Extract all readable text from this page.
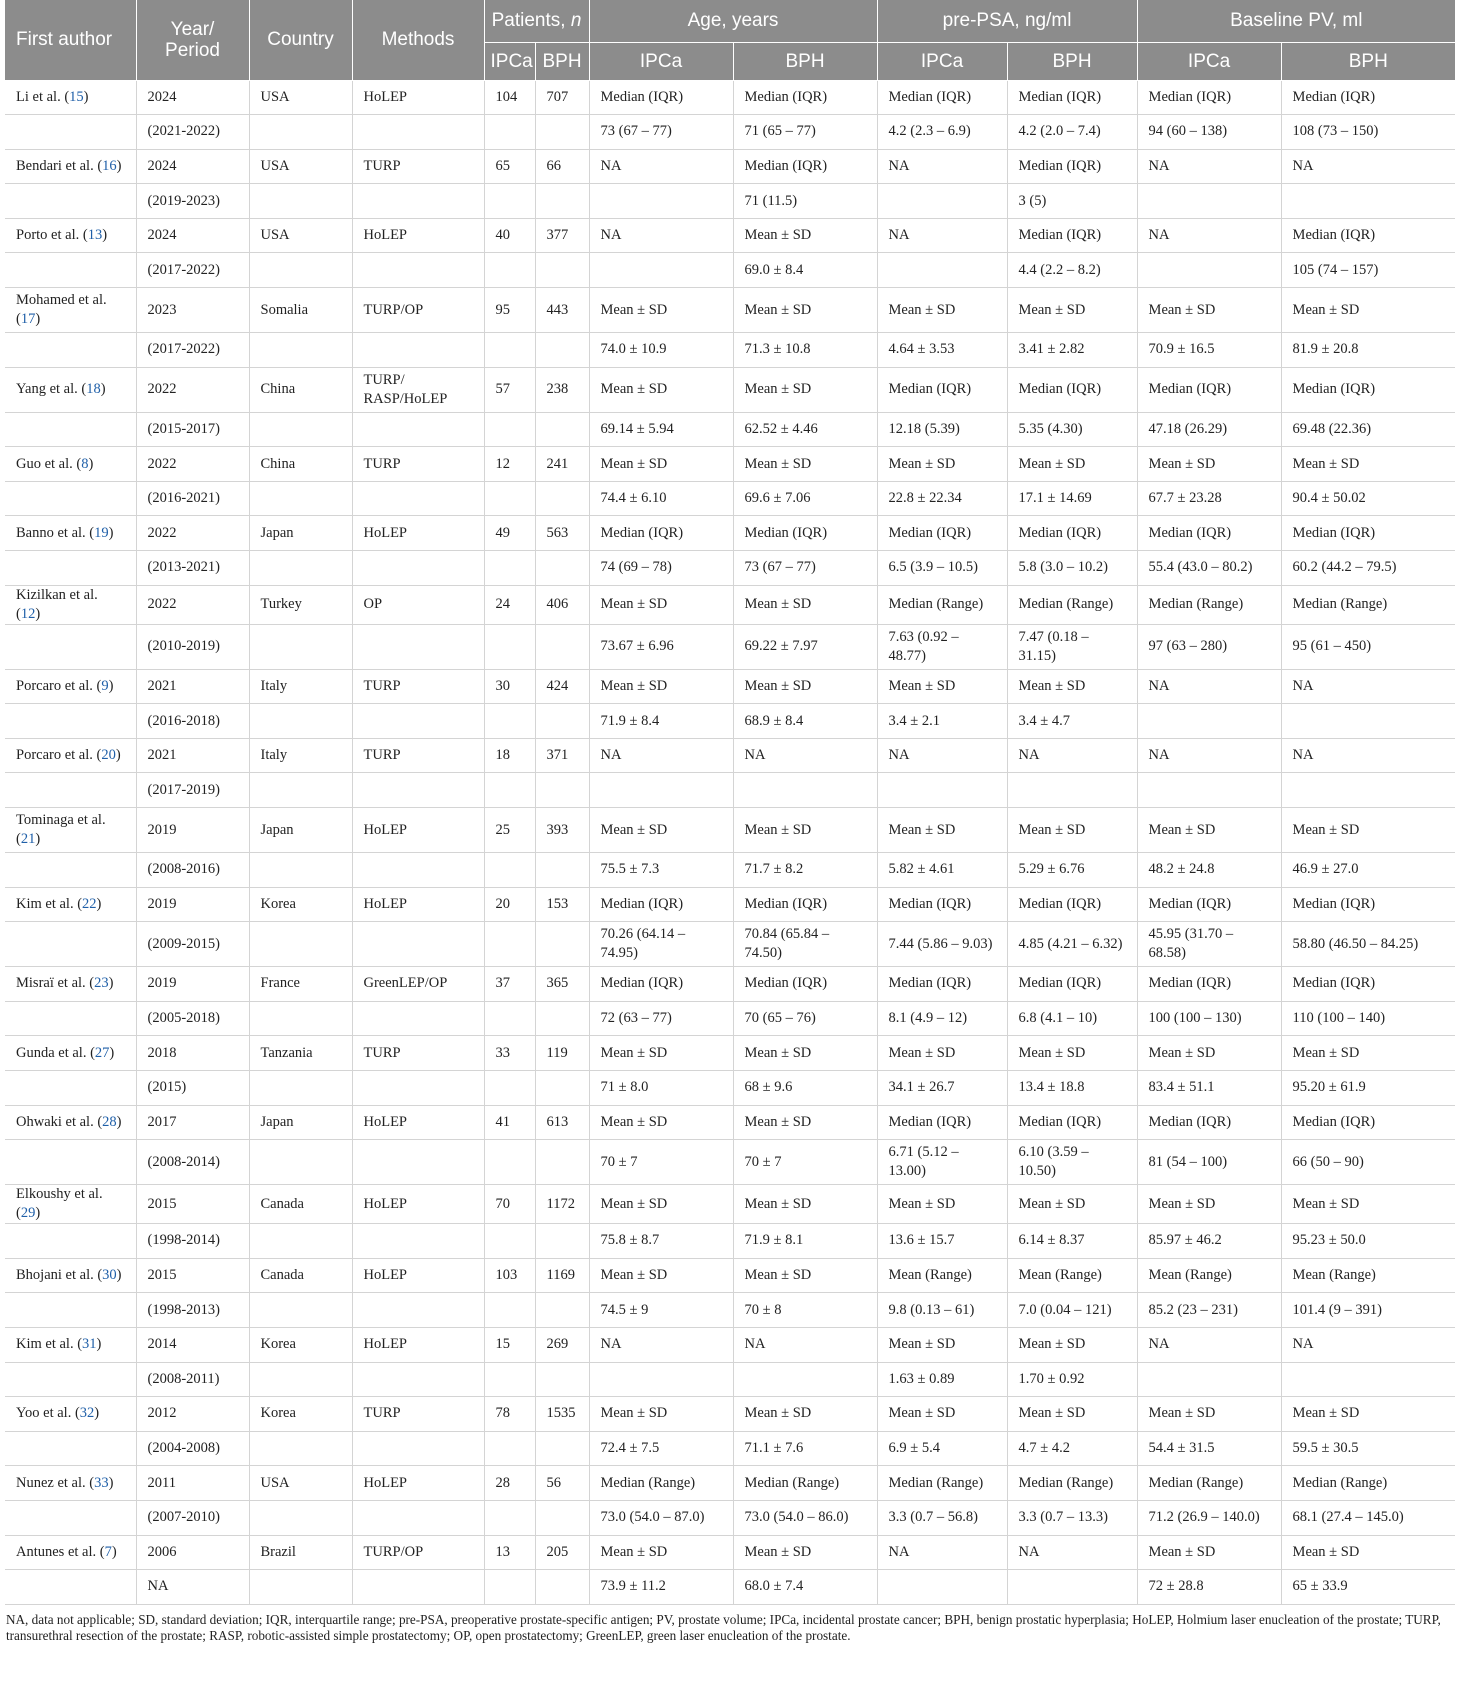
First author	Year/ Period	Country	Methods	Patients, n		Age, years		pre-PSA, ng/ml		Baseline PV, ml	
				IPCa	BPH	IPCa	BPH	IPCa	BPH	IPCa	BPH
Li et al. (15)	2024	USA	HoLEP	104	707	Median (IQR)	Median (IQR)	Median (IQR)	Median (IQR)	Median (IQR)	Median (IQR)
	(2021-2022)					73 (67 – 77)	71 (65 – 77)	4.2 (2.3 – 6.9)	4.2 (2.0 – 7.4)	94 (60 – 138)	108 (73 – 150)
Bendari et al. (16)	2024	USA	TURP	65	66	NA	Median (IQR)	NA	Median (IQR)	NA	NA
	(2019-2023)						71 (11.5)		3 (5)		
Porto et al. (13)	2024	USA	HoLEP	40	377	NA	Mean ± SD	NA	Median (IQR)	NA	Median (IQR)
	(2017-2022)						69.0 ± 8.4		4.4 (2.2 – 8.2)		105 (74 – 157)
Mohamed et al. (17)	2023	Somalia	TURP/OP	95	443	Mean ± SD	Mean ± SD	Mean ± SD	Mean ± SD	Mean ± SD	Mean ± SD
	(2017-2022)					74.0 ± 10.9	71.3 ± 10.8	4.64 ± 3.53	3.41 ± 2.82	70.9 ± 16.5	81.9 ± 20.8
Yang et al. (18)	2022	China	TURP/ RASP/HoLEP	57	238	Mean ± SD	Mean ± SD	Median (IQR)	Median (IQR)	Median (IQR)	Median (IQR)
	(2015-2017)					69.14 ± 5.94	62.52 ± 4.46	12.18 (5.39)	5.35 (4.30)	47.18 (26.29)	69.48 (22.36)
Guo et al. (8)	2022	China	TURP	12	241	Mean ± SD	Mean ± SD	Mean ± SD	Mean ± SD	Mean ± SD	Mean ± SD
	(2016-2021)					74.4 ± 6.10	69.6 ± 7.06	22.8 ± 22.34	17.1 ± 14.69	67.7 ± 23.28	90.4 ± 50.02
Banno et al. (19)	2022	Japan	HoLEP	49	563	Median (IQR)	Median (IQR)	Median (IQR)	Median (IQR)	Median (IQR)	Median (IQR)
	(2013-2021)					74 (69 – 78)	73 (67 – 77)	6.5 (3.9 – 10.5)	5.8 (3.0 – 10.2)	55.4 (43.0 – 80.2)	60.2 (44.2 – 79.5)
Kizilkan et al. (12)	2022	Turkey	OP	24	406	Mean ± SD	Mean ± SD	Median (Range)	Median (Range)	Median (Range)	Median (Range)
	(2010-2019)					73.67 ± 6.96	69.22 ± 7.97	7.63 (0.92 – 48.77)	7.47 (0.18 – 31.15)	97 (63 – 280)	95 (61 – 450)
Porcaro et al. (9)	2021	Italy	TURP	30	424	Mean ± SD	Mean ± SD	Mean ± SD	Mean ± SD	NA	NA
	(2016-2018)					71.9 ± 8.4	68.9 ± 8.4	3.4 ± 2.1	3.4 ± 4.7		
Porcaro et al. (20)	2021	Italy	TURP	18	371	NA	NA	NA	NA	NA	NA
	(2017-2019)										
Tominaga et al. (21)	2019	Japan	HoLEP	25	393	Mean ± SD	Mean ± SD	Mean ± SD	Mean ± SD	Mean ± SD	Mean ± SD
	(2008-2016)					75.5 ± 7.3	71.7 ± 8.2	5.82 ± 4.61	5.29 ± 6.76	48.2 ± 24.8	46.9 ± 27.0
Kim et al. (22)	2019	Korea	HoLEP	20	153	Median (IQR)	Median (IQR)	Median (IQR)	Median (IQR)	Median (IQR)	Median (IQR)
	(2009-2015)					70.26 (64.14 – 74.95)	70.84 (65.84 – 74.50)	7.44 (5.86 – 9.03)	4.85 (4.21 – 6.32)	45.95 (31.70 – 68.58)	58.80 (46.50 – 84.25)
Misraï et al. (23)	2019	France	GreenLEP/OP	37	365	Median (IQR)	Median (IQR)	Median (IQR)	Median (IQR)	Median (IQR)	Median (IQR)
	(2005-2018)					72 (63 – 77)	70 (65 – 76)	8.1 (4.9 – 12)	6.8 (4.1 – 10)	100 (100 – 130)	110 (100 – 140)
Gunda et al. (27)	2018	Tanzania	TURP	33	119	Mean ± SD	Mean ± SD	Mean ± SD	Mean ± SD	Mean ± SD	Mean ± SD
	(2015)					71 ± 8.0	68 ± 9.6	34.1 ± 26.7	13.4 ± 18.8	83.4 ± 51.1	95.20 ± 61.9
Ohwaki et al. (28)	2017	Japan	HoLEP	41	613	Mean ± SD	Mean ± SD	Median (IQR)	Median (IQR)	Median (IQR)	Median (IQR)
	(2008-2014)					70 ± 7	70 ± 7	6.71 (5.12 – 13.00)	6.10 (3.59 – 10.50)	81 (54 – 100)	66 (50 – 90)
Elkoushy et al. (29)	2015	Canada	HoLEP	70	1172	Mean ± SD	Mean ± SD	Mean ± SD	Mean ± SD	Mean ± SD	Mean ± SD
	(1998-2014)					75.8 ± 8.7	71.9 ± 8.1	13.6 ± 15.7	6.14 ± 8.37	85.97 ± 46.2	95.23 ± 50.0
Bhojani et al. (30)	2015	Canada	HoLEP	103	1169	Mean ± SD	Mean ± SD	Mean (Range)	Mean (Range)	Mean (Range)	Mean (Range)
	(1998-2013)					74.5 ± 9	70 ± 8	9.8 (0.13 – 61)	7.0 (0.04 – 121)	85.2 (23 – 231)	101.4 (9 – 391)
Kim et al. (31)	2014	Korea	HoLEP	15	269	NA	NA	Mean ± SD	Mean ± SD	NA	NA
	(2008-2011)							1.63 ± 0.89	1.70 ± 0.92		
Yoo et al. (32)	2012	Korea	TURP	78	1535	Mean ± SD	Mean ± SD	Mean ± SD	Mean ± SD	Mean ± SD	Mean ± SD
	(2004-2008)					72.4 ± 7.5	71.1 ± 7.6	6.9 ± 5.4	4.7 ± 4.2	54.4 ± 31.5	59.5 ± 30.5
Nunez et al. (33)	2011	USA	HoLEP	28	56	Median (Range)	Median (Range)	Median (Range)	Median (Range)	Median (Range)	Median (Range)
	(2007-2010)					73.0 (54.0 – 87.0)	73.0 (54.0 – 86.0)	3.3 (0.7 – 56.8)	3.3 (0.7 – 13.3)	71.2 (26.9 – 140.0)	68.1 (27.4 – 145.0)
Antunes et al. (7)	2006	Brazil	TURP/OP	13	205	Mean ± SD	Mean ± SD	NA	NA	Mean ± SD	Mean ± SD
	NA					73.9 ± 11.2	68.0 ± 7.4			72 ± 28.8	65 ± 33.9
NA, data not applicable; SD, standard deviation; IQR, interquartile range; pre-PSA, preoperative prostate-specific antigen; PV, prostate volume; IPCa, incidental prostate cancer; BPH, benign prostatic hyperplasia; HoLEP, Holmium laser enucleation of the prostate; TURP, transurethral resection of the prostate; RASP, robotic-assisted simple prostatectomy; OP, open prostatectomy; GreenLEP, green laser enucleation of the prostate.
